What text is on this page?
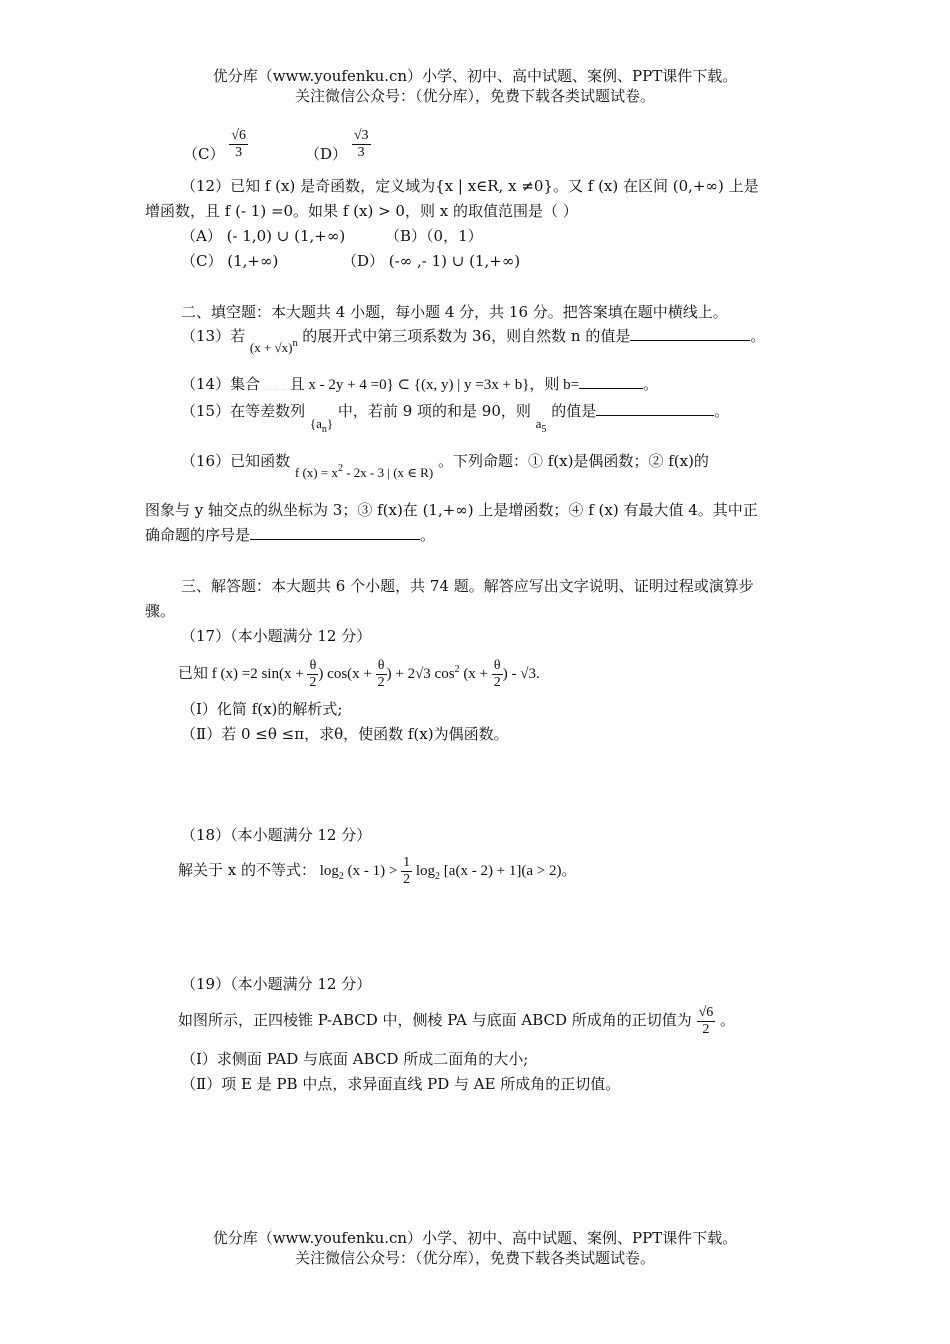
优分库（www.youfenku.cn）小学、初中、高中试题、案例、PPT课件下载。
关注微信公众号：（优分库），免费下载各类试题试卷。
$(C) \frac{√6}{3}$	$(D) \frac{√3}{3}$
（12）已知 f (x) 是奇函数，定义域为{x | x∈R, x ≠0}。又 f (x) 在区间 (0,+∞) 上是
增函数，且 f (- 1) =0。如果 f (x) > 0，则 x 的取值范围是（ ）
（A） (- 1,0) ∪ (1,+∞)	（B）（0，1）
（C） (1,+∞)	（D） (-∞ ,- 1) ∪ (1,+∞)
二、填空题：本大题共 4 小题，每小题 4 分，共 16 分。把答案填在题中横线上。
（13）若 $(x + √x)^n$ 的展开式中第三项系数为 36，则自然数 n 的值是	。
（14）集合 且 x - 2y + 4 =0} ⊂ {(x, y) | y =3x + b}，则 b=	。
（15）在等差数列 $\{a_n\}$ 中，若前 9 项的和是 90，则 $a_5$ 的值是	。
（16）已知函数 f $(x) = x^2 - 2x - 3$ | (x ∈ R) 。下列命题：① f(x)是偶函数；② f(x)的
图象与 y 轴交点的纵坐标为 3；③ f(x)在 (1,+∞) 上是增函数；④ f (x) 有最大值 4。其中正
确命题的序号是	。
三、解答题：本大题共 6 个小题，共 74 题。解答应写出文字说明、证明过程或演算步
骤。
（17）（本小题满分 12 分）
已知 f (x) =2 $\sin(x + \frac{\theta}{2}$ ) $\cos(x + \frac{\theta}{2}$ ) + 2√3 $\cos^2 (x + \frac{\theta}{2}$ ) - √3.
（Ⅰ）化简 f(x)的解析式;
（Ⅱ）若 0 ≤θ ≤π，求θ，使函数 f(x)为偶函数。
（18）（本小题满分 12 分）
解关于 x 的不等式： $\log_2 (x - 1) > \frac{1}{2} \log_2 [a(x - 2) + 1](a > 2)$。
（19）（本小题满分 12 分）
如图所示，正四棱锥 P-ABCD 中，侧棱 PA 与底面 ABCD 所成角的正切值为 $\frac{√6}{2}$ 。
（Ⅰ）求侧面 PAD 与底面 ABCD 所成二面角的大小;
（Ⅱ）项 E 是 PB 中点，求异面直线 PD 与 AE 所成角的正切值。
优分库（www.youfenku.cn）小学、初中、高中试题、案例、PPT课件下载。
关注微信公众号：（优分库），免费下载各类试题试卷。
